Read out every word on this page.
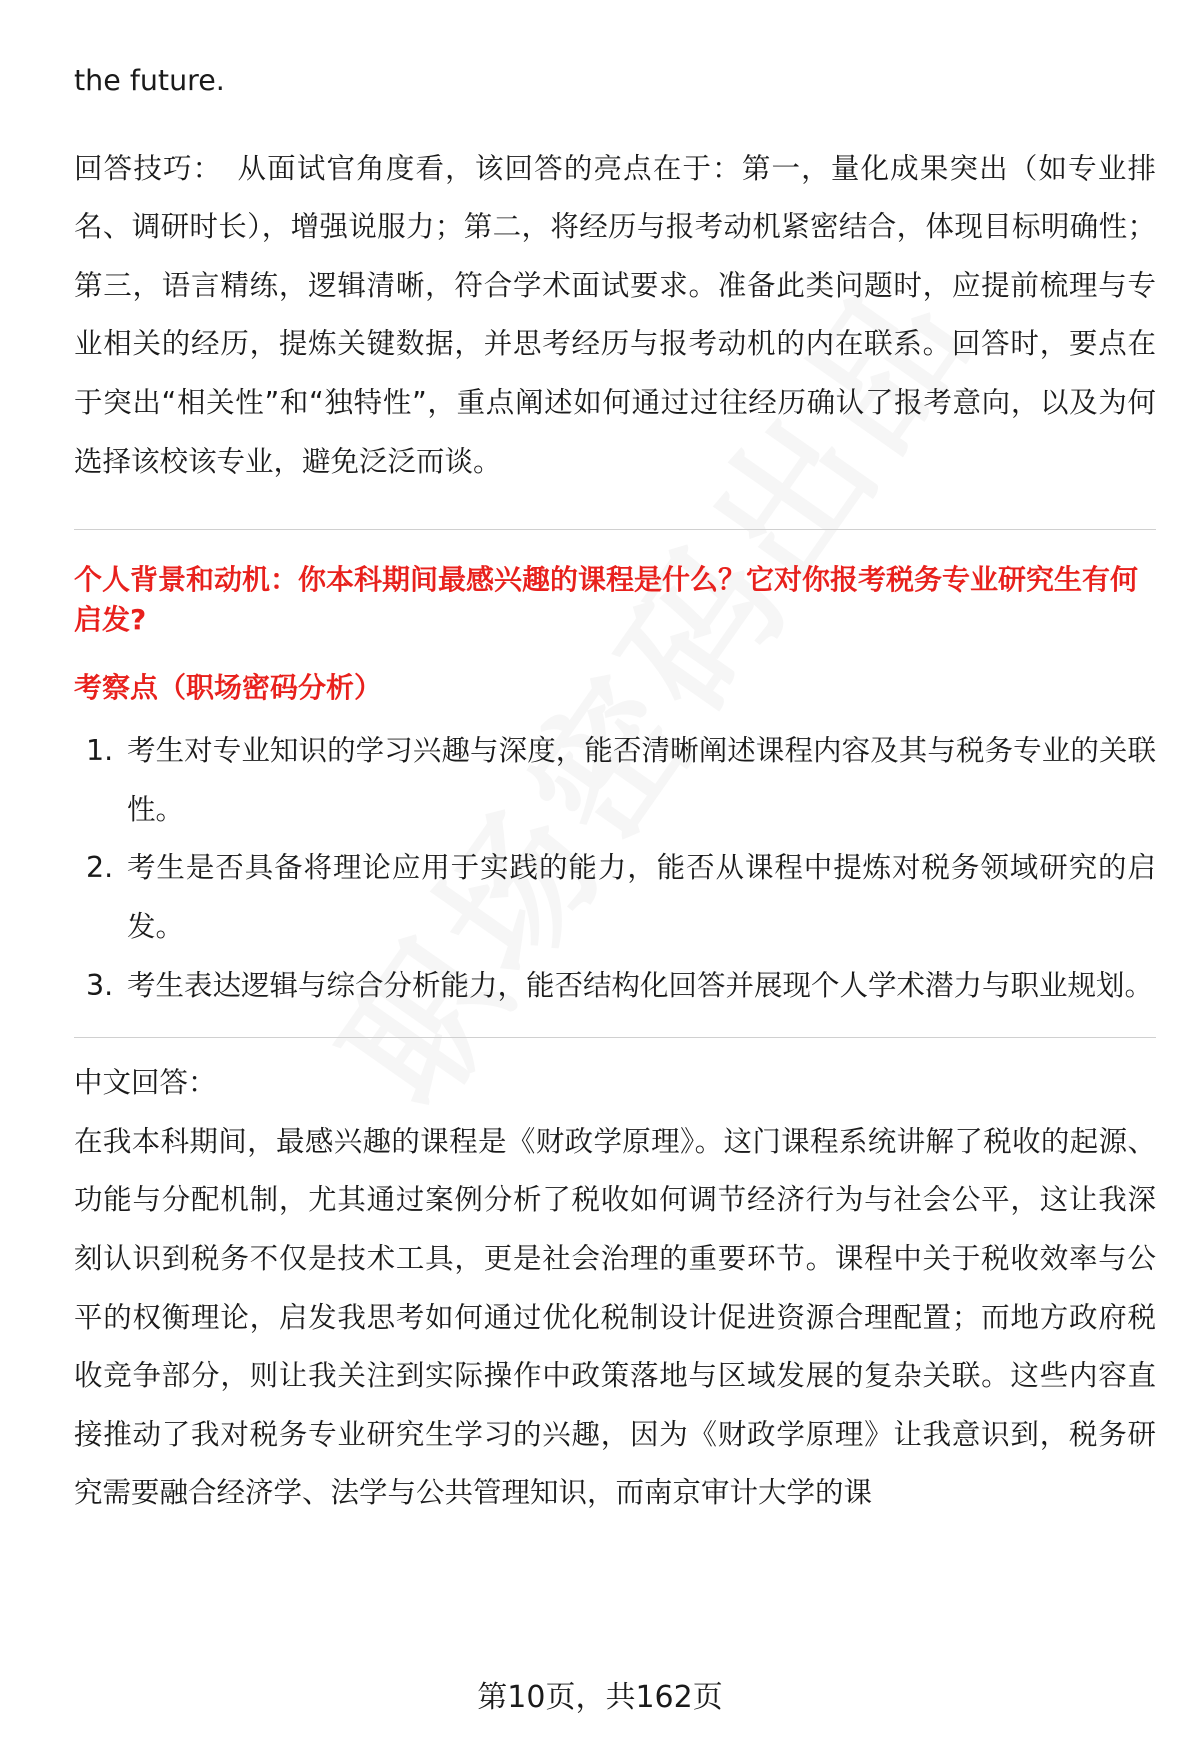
the future.

回答技巧： 从面试官角度看，该回答的亮点在于：第一，量化成果突出（如专业排名、调研时长），增强说服力；第二，将经历与报考动机紧密结合，体现目标明确性；第三，语言精练，逻辑清晰，符合学术面试要求。准备此类问题时，应提前梳理与专业相关的经历，提炼关键数据，并思考经历与报考动机的内在联系。回答时，要点在于突出“相关性”和“独特性”，重点阐述如何通过过往经历确认了报考意向，以及为何选择该校该专业，避免泛泛而谈。

个人背景和动机：你本科期间最感兴趣的课程是什么？它对你报考税务专业研究生有何启发?

考察点（职场密码分析）

1. 考生对专业知识的学习兴趣与深度，能否清晰阐述课程内容及其与税务专业的关联性。
2. 考生是否具备将理论应用于实践的能力，能否从课程中提炼对税务领域研究的启发。
3. 考生表达逻辑与综合分析能力，能否结构化回答并展现个人学术潜力与职业规划。

中文回答：

在我本科期间，最感兴趣的课程是《财政学原理》。这门课程系统讲解了税收的起源、功能与分配机制，尤其通过案例分析了税收如何调节经济行为与社会公平，这让我深刻认识到税务不仅是技术工具，更是社会治理的重要环节。课程中关于税收效率与公平的权衡理论，启发我思考如何通过优化税制设计促进资源合理配置；而地方政府税收竞争部分，则让我关注到实际操作中政策落地与区域发展的复杂关联。这些内容直接推动了我对税务专业研究生学习的兴趣，因为《财政学原理》让我意识到，税务研究需要融合经济学、法学与公共管理知识，而南京审计大学的课

第10页，共162页
